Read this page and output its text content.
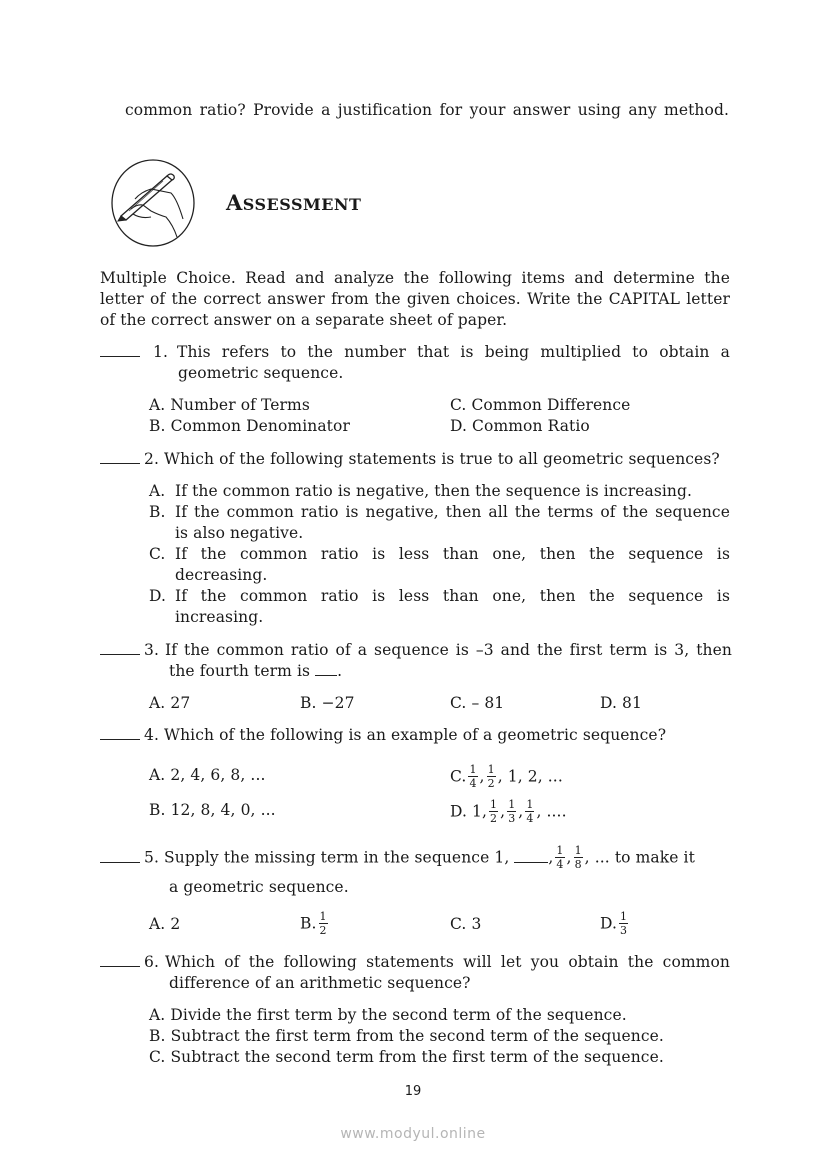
common ratio? Provide a justification for your answer using any method.
ASSESSMENT
Multiple Choice. Read and analyze the following items and determine the
letter of the correct answer from the given choices. Write the CAPITAL letter
of the correct answer on a separate sheet of paper.
1. This refers to the number that is being multiplied to obtain a
geometric sequence.
A. Number of Terms
B. Common Denominator
C. Common Difference
D. Common Ratio
2. Which of the following statements is true to all geometric sequences?
A. If the common ratio is negative, then the sequence is increasing.
B. If the common ratio is negative, then all the terms of the sequence
is also negative.
C. If the common ratio is less than one, then the sequence is
decreasing.
D. If the common ratio is less than one, then the sequence is
increasing.
3. If the common ratio of a sequence is –3 and the first term is 3, then
the fourth term is .
A. 27	B. −27	C. – 81	D. 81
4. Which of the following is an example of a geometric sequence?
A. 2, 4, 6, 8, ...
B. 12, 8, 4, 0, ...
C. $\frac{1}{4}$ , $\frac{1}{2}$ , 1, 2, ...
D. 1, $\frac{1}{2}$ , $\frac{1}{3}$ , $\frac{1}{4}$ , ....
5. Supply the missing term in the sequence 1,	, $\frac{1}{4}$ , $\frac{1}{8}$ , ... to make it
a geometric sequence.
A. 2	B. $\frac{1}{2}$	C. 3	D. $\frac{1}{3}$
6. Which of the following statements will let you obtain the common
difference of an arithmetic sequence?
A. Divide the first term by the second term of the sequence.
B. Subtract the first term from the second term of the sequence.
C. Subtract the second term from the first term of the sequence.
19
www.modyul.online
